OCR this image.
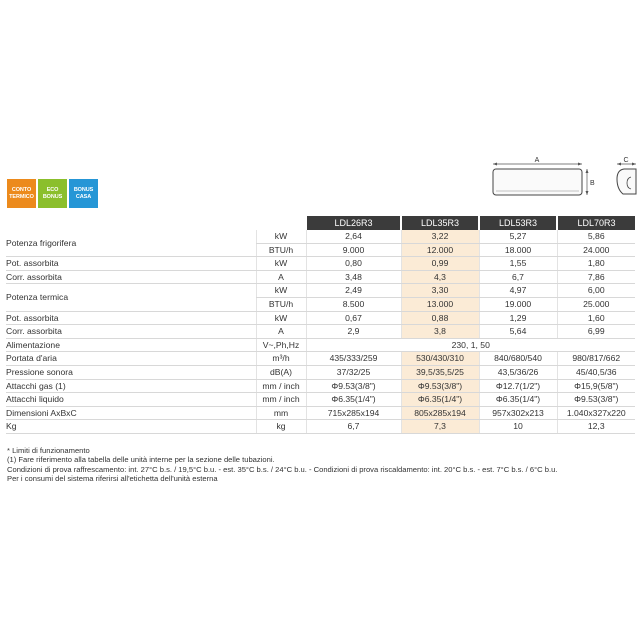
CONTO
TERMICO
ECO
BONUS
BONUS
CASA
A
B
C
		LDL26R3	LDL35R3	LDL53R3	LDL70R3
Potenza frigorifera	kW	2,64	3,22	5,27	5,86
	BTU/h	9.000	12.000	18.000	24.000
Pot. assorbita	kW	0,80	0,99	1,55	1,80
Corr. assorbita	A	3,48	4,3	6,7	7,86
Potenza termica	kW	2,49	3,30	4,97	6,00
	BTU/h	8.500	13.000	19.000	25.000
Pot. assorbita	kW	0,67	0,88	1,29	1,60
Corr. assorbita	A	2,9	3,8	5,64	6,99
Alimentazione	V~,Ph,Hz	230, 1, 50			
Portata d'aria	m³/h	435/333/259	530/430/310	840/680/540	980/817/662
Pressione sonora	dB(A)	37/32/25	39,5/35,5/25	43,5/36/26	45/40,5/36
Attacchi gas (1)	mm / inch	Φ9.53(3/8")	Φ9.53(3/8")	Φ12.7(1/2")	Φ15,9(5/8")
Attacchi liquido	mm / inch	Φ6.35(1/4")	Φ6.35(1/4")	Φ6.35(1/4")	Φ9.53(3/8")
Dimensioni AxBxC	mm	715x285x194	805x285x194	957x302x213	1.040x327x220
Kg	kg	6,7	7,3	10	12,3
* Limiti di funzionamento
(1) Fare riferimento alla tabella delle unità interne per la sezione delle tubazioni.
Condizioni di prova raffrescamento: int. 27°C b.s. / 19,5°C b.u. - est. 35°C b.s. / 24°C b.u. - Condizioni di prova riscaldamento: int. 20°C b.s. - est. 7°C b.s. / 6°C b.u.
Per i consumi del sistema riferirsi all'etichetta dell'unità esterna
